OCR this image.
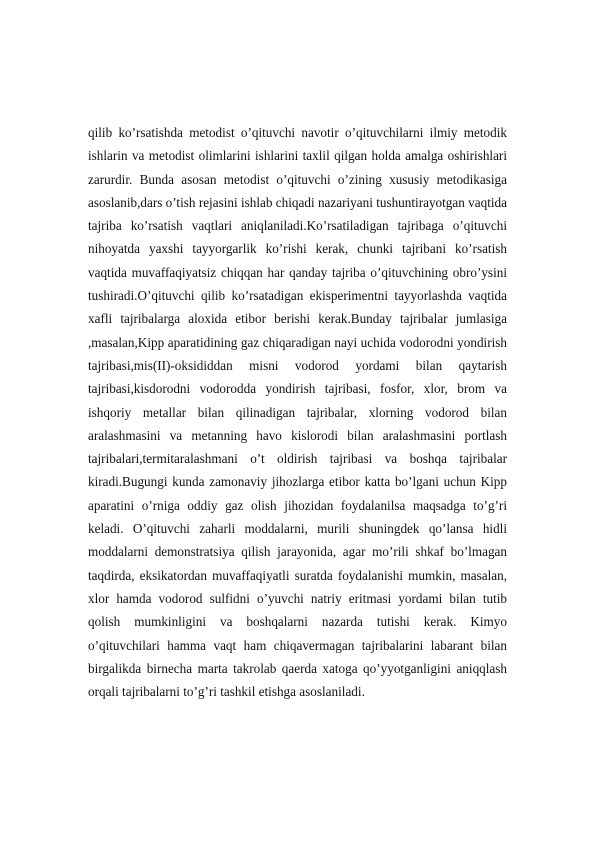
qilib ko’rsatishda metodist o’qituvchi navotir o’qituvchilarni ilmiy metodik ishlarin va metodist olimlarini ishlarini taxlil qilgan holda amalga oshirishlari zarurdir. Bunda asosan metodist o’qituvchi o’zining xususiy metodikasiga asoslanib,dars o’tish rejasini ishlab chiqadi nazariyani tushuntirayotgan vaqtida tajriba ko’rsatish vaqtlari aniqlaniladi.Ko’rsatiladigan tajribaga o’qituvchi nihoyatda yaxshi tayyorgarlik ko’rishi kerak, chunki tajribani ko’rsatish vaqtida muvaffaqiyatsiz chiqqan har qanday tajriba o’qituvchining obro’ysini tushiradi.O’qituvchi qilib ko’rsatadigan ekisperimentni tayyorlashda vaqtida xafli tajribalarga aloxida etibor berishi kerak.Bunday tajribalar jumlasiga ,masalan,Kipp aparatidining gaz chiqaradigan nayi uchida vodorodni yondirish tajribasi,mis(II)-oksididdan misni vodorod yordami bilan qaytarish tajribasi,kisdorodni vodorodda yondirish tajribasi, fosfor, xlor, brom va ishqoriy metallar bilan qilinadigan tajribalar, xlorning vodorod bilan aralashmasini va metanning havo kislorodi bilan aralashmasini portlash tajribalari,termitaralashmani o’t oldirish tajribasi va boshqa tajribalar kiradi.Bugungi kunda zamonaviy jihozlarga etibor katta bo’lgani uchun Kipp aparatini o’rniga oddiy gaz olish jihozidan foydalanilsa maqsadga to’g’ri keladi. O’qituvchi zaharli moddalarni, murili shuningdek qo’lansa hidli moddalarni demonstratsiya qilish jarayonida, agar mo’rili shkaf bo’lmagan taqdirda, eksikatordan muvaffaqiyatli suratda foydalanishi mumkin, masalan, xlor hamda vodorod sulfidni o’yuvchi natriy eritmasi yordami bilan tutib qolish mumkinligini va boshqalarni nazarda tutishi kerak. Kimyo o’qituvchilari hamma vaqt ham chiqavermagan tajribalarini labarant bilan birgalikda birnecha marta takrolab qaerda xatoga qo’yyotganligini aniqqlash orqali tajribalarni to’g’ri tashkil etishga asoslaniladi.
